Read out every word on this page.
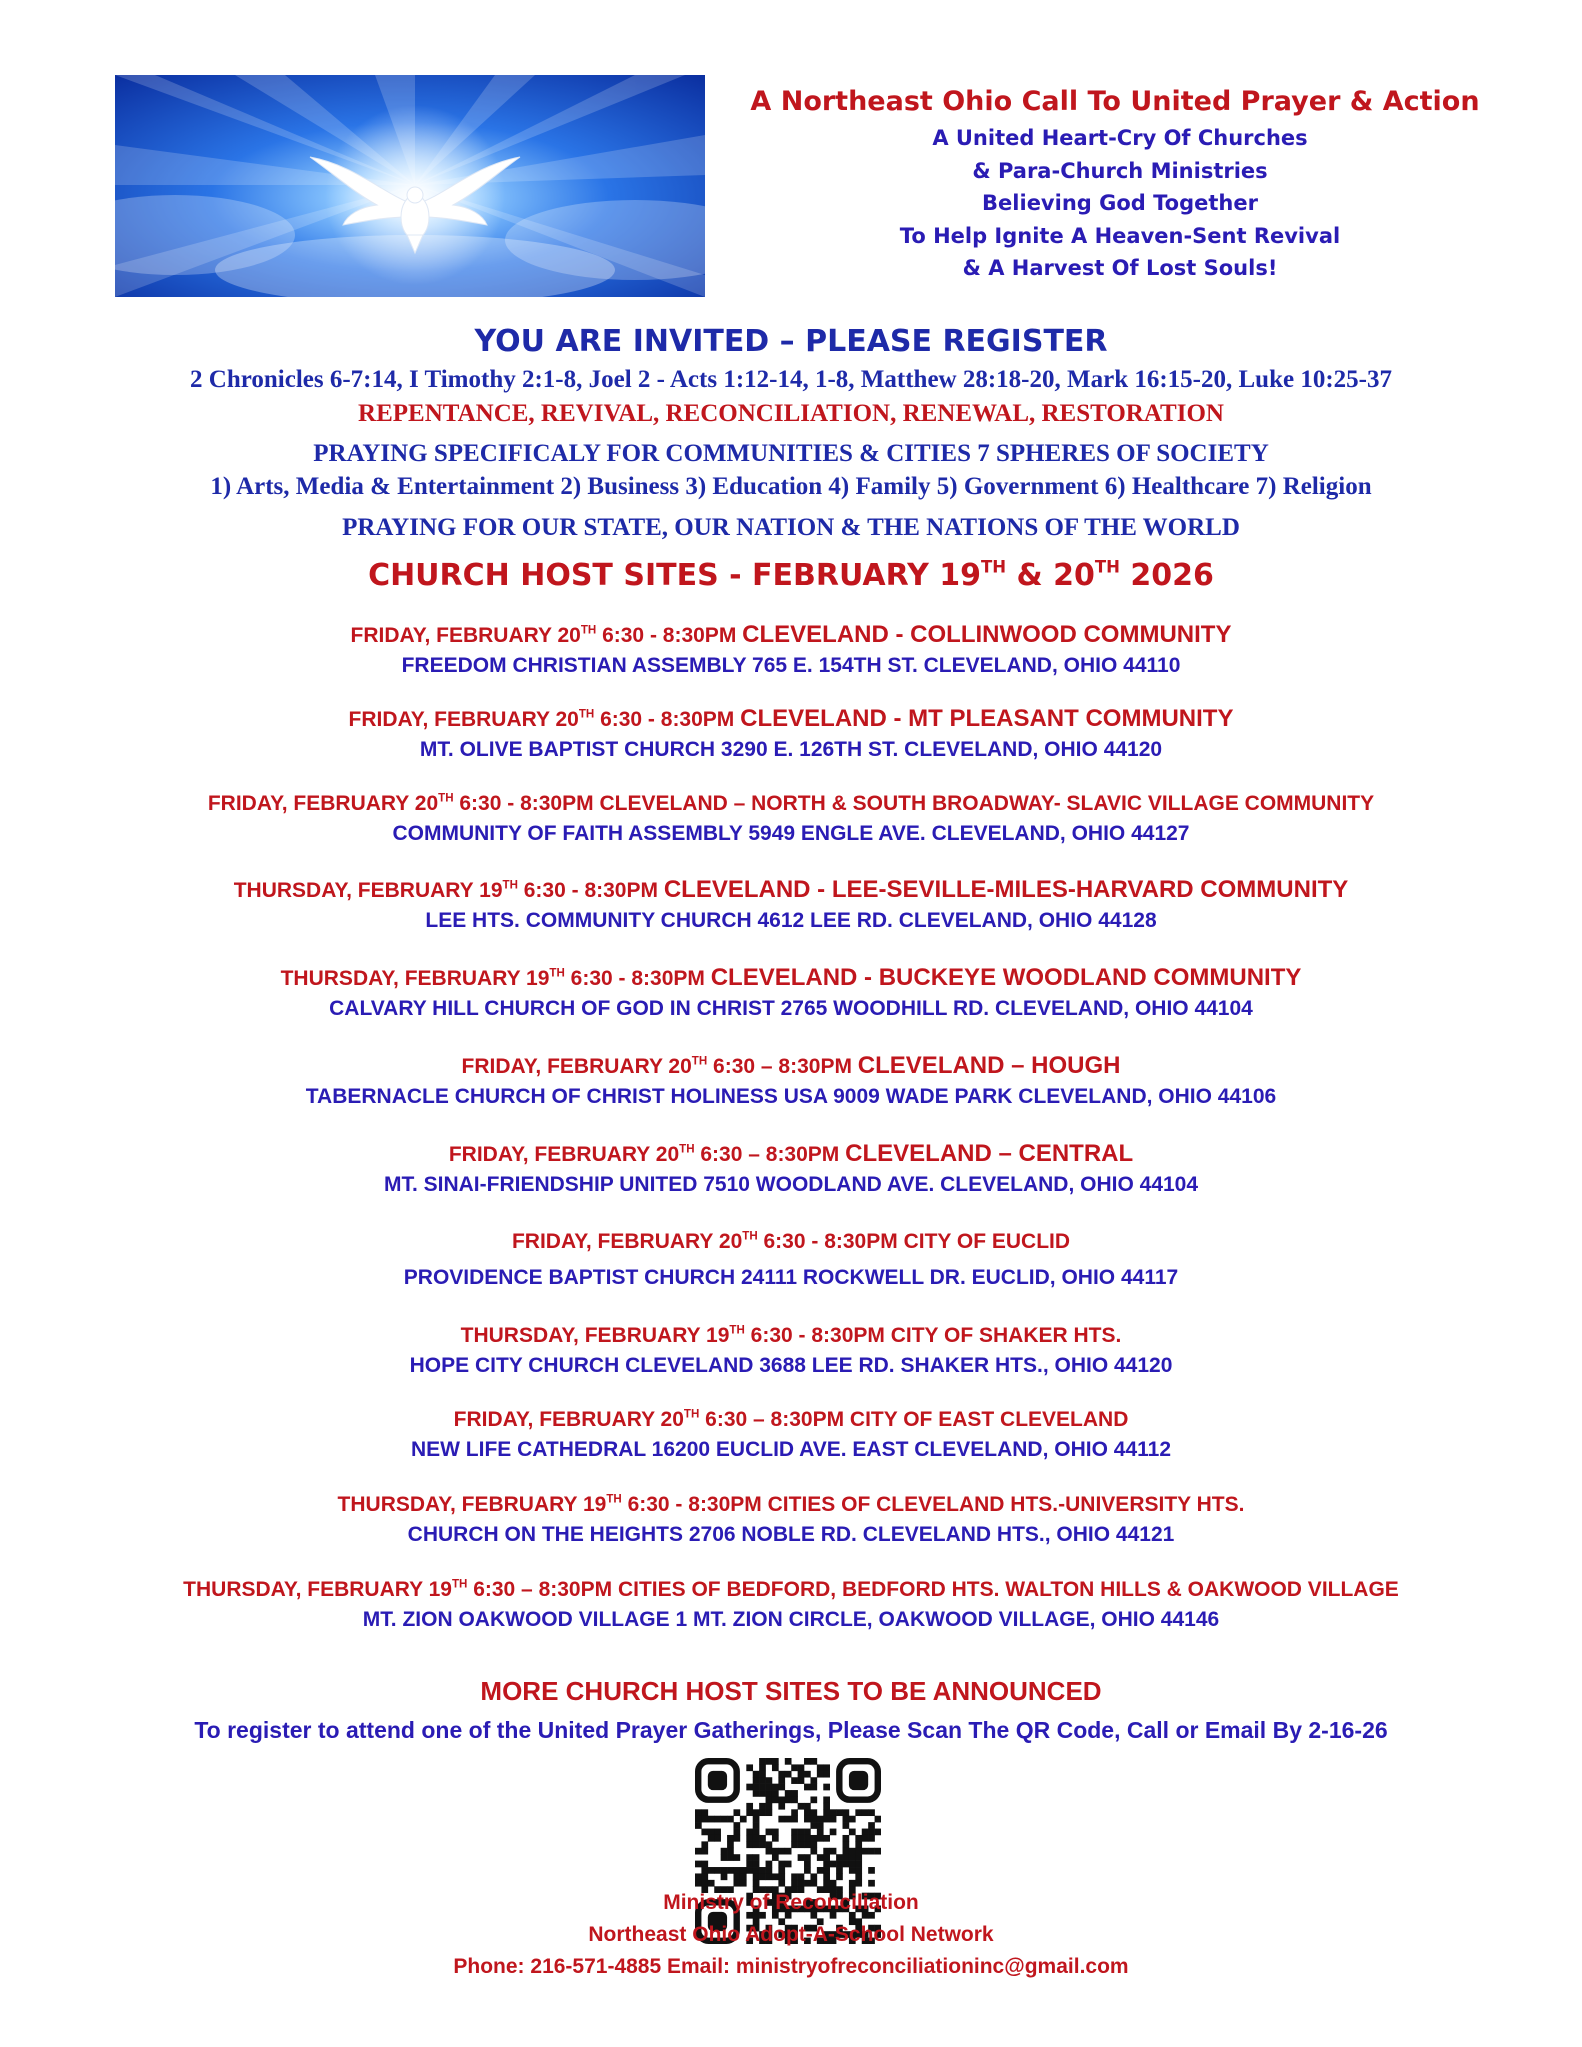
A Northeast Ohio Call To United Prayer & Action

A United Heart-Cry Of Churches

& Para-Church Ministries

Believing God Together

To Help Ignite A Heaven-Sent Revival

& A Harvest Of Lost Souls!

YOU ARE INVITED – PLEASE REGISTER
2 Chronicles 6-7:14, I Timothy 2:1-8, Joel 2 - Acts 1:12-14, 1-8, Matthew 28:18-20, Mark 16:15-20, Luke 10:25-37
REPENTANCE, REVIVAL, RECONCILIATION, RENEWAL, RESTORATION
PRAYING SPECIFICALY FOR COMMUNITIES & CITIES 7 SPHERES OF SOCIETY
1) Arts, Media & Entertainment 2) Business 3) Education 4) Family 5) Government 6) Healthcare 7) Religion
PRAYING FOR OUR STATE, OUR NATION & THE NATIONS OF THE WORLD
CHURCH HOST SITES - FEBRUARY 19TH & 20TH 2026

FRIDAY, FEBRUARY 20TH 6:30 - 8:30PM CLEVELAND - COLLINWOOD COMMUNITY

FREEDOM CHRISTIAN ASSEMBLY 765 E. 154TH ST. CLEVELAND, OHIO 44110

FRIDAY, FEBRUARY 20TH 6:30 - 8:30PM CLEVELAND - MT PLEASANT COMMUNITY

MT. OLIVE BAPTIST CHURCH 3290 E. 126TH ST. CLEVELAND, OHIO 44120

FRIDAY, FEBRUARY 20TH 6:30 - 8:30PM CLEVELAND – NORTH & SOUTH BROADWAY- SLAVIC VILLAGE COMMUNITY

COMMUNITY OF FAITH ASSEMBLY 5949 ENGLE AVE. CLEVELAND, OHIO 44127

THURSDAY, FEBRUARY 19TH 6:30 - 8:30PM CLEVELAND - LEE-SEVILLE-MILES-HARVARD COMMUNITY

LEE HTS. COMMUNITY CHURCH 4612 LEE RD. CLEVELAND, OHIO 44128

THURSDAY, FEBRUARY 19TH 6:30 - 8:30PM CLEVELAND - BUCKEYE WOODLAND COMMUNITY

CALVARY HILL CHURCH OF GOD IN CHRIST 2765 WOODHILL RD. CLEVELAND, OHIO 44104

FRIDAY, FEBRUARY 20TH 6:30 – 8:30PM CLEVELAND – HOUGH

TABERNACLE CHURCH OF CHRIST HOLINESS USA 9009 WADE PARK CLEVELAND, OHIO 44106

FRIDAY, FEBRUARY 20TH 6:30 – 8:30PM CLEVELAND – CENTRAL

MT. SINAI-FRIENDSHIP UNITED 7510 WOODLAND AVE. CLEVELAND, OHIO 44104

FRIDAY, FEBRUARY 20TH 6:30 - 8:30PM CITY OF EUCLID

PROVIDENCE BAPTIST CHURCH 24111 ROCKWELL DR. EUCLID, OHIO 44117

THURSDAY, FEBRUARY 19TH 6:30 - 8:30PM CITY OF SHAKER HTS.

HOPE CITY CHURCH CLEVELAND 3688 LEE RD. SHAKER HTS., OHIO 44120

FRIDAY, FEBRUARY 20TH 6:30 – 8:30PM CITY OF EAST CLEVELAND

NEW LIFE CATHEDRAL 16200 EUCLID AVE. EAST CLEVELAND, OHIO 44112

THURSDAY, FEBRUARY 19TH 6:30 - 8:30PM CITIES OF CLEVELAND HTS.-UNIVERSITY HTS.

CHURCH ON THE HEIGHTS 2706 NOBLE RD. CLEVELAND HTS., OHIO 44121

THURSDAY, FEBRUARY 19TH 6:30 – 8:30PM CITIES OF BEDFORD, BEDFORD HTS. WALTON HILLS & OAKWOOD VILLAGE

MT. ZION OAKWOOD VILLAGE 1 MT. ZION CIRCLE, OAKWOOD VILLAGE, OHIO 44146

MORE CHURCH HOST SITES TO BE ANNOUNCED
To register to attend one of the United Prayer Gatherings, Please Scan The QR Code, Call or Email By 2-16-26

Ministry of Reconciliation

Northeast Ohio Adopt-A-School Network

Phone: 216-571-4885 Email: ministryofreconciliationinc@gmail.com
